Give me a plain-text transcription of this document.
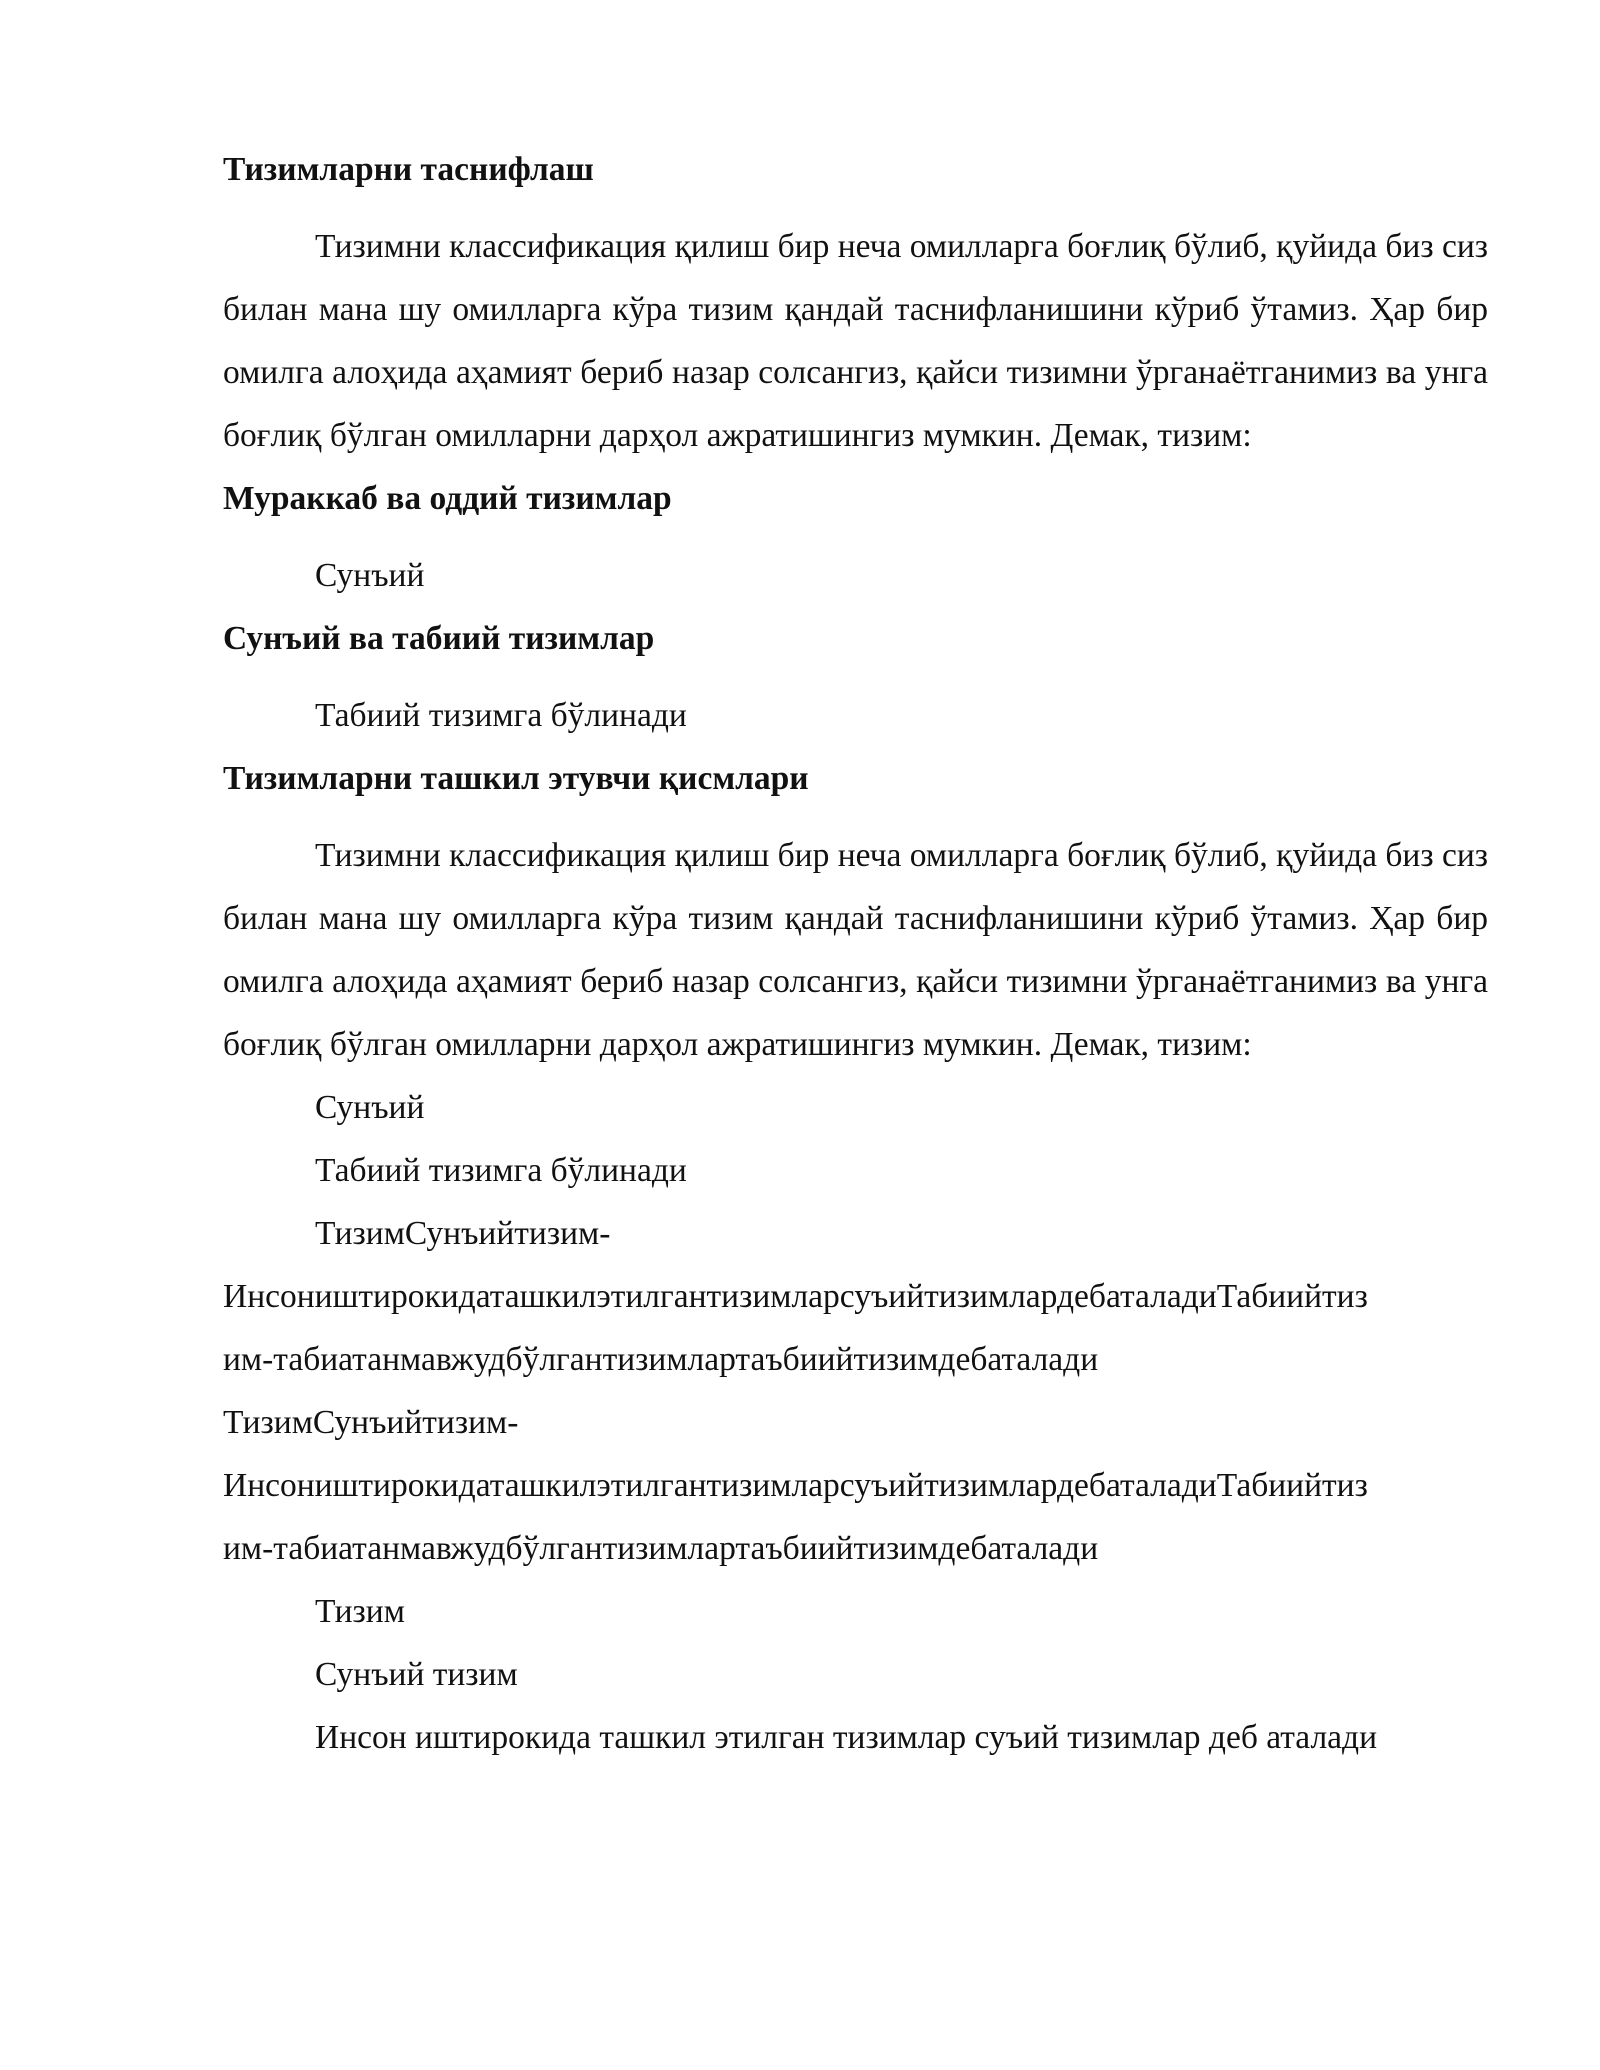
Тизимларни таснифлаш

Тизимни классификация қилиш бир неча омилларга боғлиқ бўлиб, қуйида биз сиз билан мана шу омилларга кўра тизим қандай таснифланишини кўриб ўтамиз. Ҳар бир омилга алоҳида аҳамият бериб назар солсангиз, қайси тизимни ўрганаётганимиз ва унга боғлиқ бўлган омилларни дарҳол ажратишингиз мумкин. Демак, тизим:

Мураккаб ва оддий тизимлар

Сунъий

Сунъий ва табиий тизимлар

Табиий тизимга бўлинади

Тизимларни ташкил этувчи қисмлари

Тизимни классификация қилиш бир неча омилларга боғлиқ бўлиб, қуйида биз сиз билан мана шу омилларга кўра тизим қандай таснифланишини кўриб ўтамиз. Ҳар бир омилга алоҳида аҳамият бериб назар солсангиз, қайси тизимни ўрганаётганимиз ва унга боғлиқ бўлган омилларни дарҳол ажратишингиз мумкин. Демак, тизим:

Сунъий

Табиий тизимга бўлинади

ТизимСунъийтизим-

ИнсоништирокидаташкилэтилгантизимларсуъийтизимлардебаталадиТабиийтиз

им-табиатанмавжудбўлгантизимлартаъбиийтизимдебаталади

ТизимСунъийтизим-

ИнсоништирокидаташкилэтилгантизимларсуъийтизимлардебаталадиТабиийтиз

им-табиатанмавжудбўлгантизимлартаъбиийтизимдебаталади

Тизим

Сунъий тизим

Инсон иштирокида ташкил этилган тизимлар суъий тизимлар деб аталади
